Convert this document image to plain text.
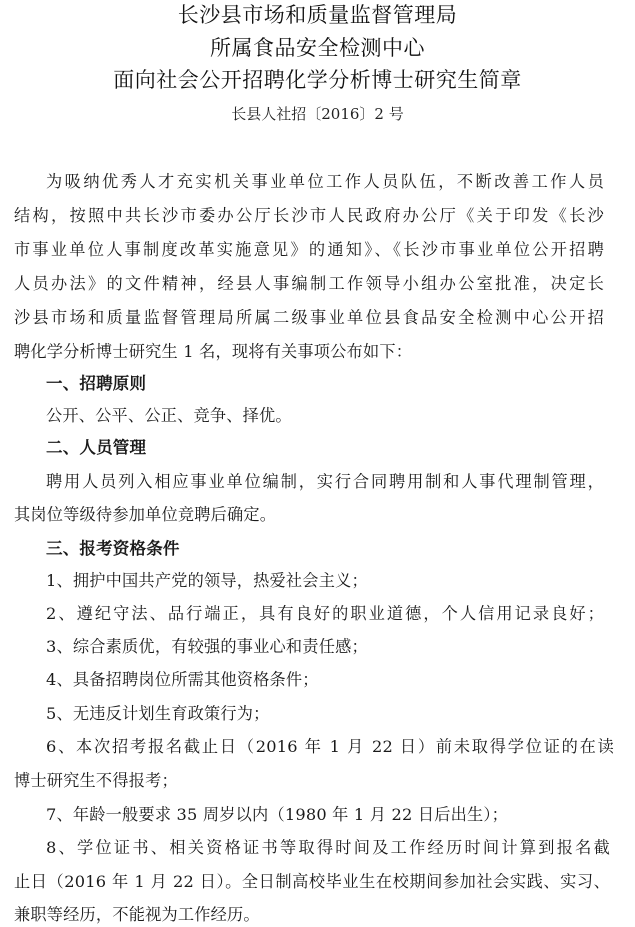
长沙县市场和质量监督管理局
所属食品安全检测中心
面向社会公开招聘化学分析博士研究生简章
长县人社招〔2016〕2 号
为吸纳优秀人才充实机关事业单位工作人员队伍，不断改善工作人员
结构，按照中共长沙市委办公厅长沙市人民政府办公厅《关于印发《长沙
市事业单位人事制度改革实施意见》的通知》、《长沙市事业单位公开招聘
人员办法》的文件精神，经县人事编制工作领导小组办公室批准，决定长
沙县市场和质量监督管理局所属二级事业单位县食品安全检测中心公开招
聘化学分析博士研究生 1 名，现将有关事项公布如下：
一、招聘原则
公开、公平、公正、竞争、择优。
二、人员管理
聘用人员列入相应事业单位编制，实行合同聘用制和人事代理制管理，
其岗位等级待参加单位竞聘后确定。
三、报考资格条件
1、拥护中国共产党的领导，热爱社会主义；
2、遵纪守法、品行端正，具有良好的职业道德，个人信用记录良好；
3、综合素质优，有较强的事业心和责任感；
4、具备招聘岗位所需其他资格条件；
5、无违反计划生育政策行为；
6、本次招考报名截止日（2016 年 1 月 22 日）前未取得学位证的在读
博士研究生不得报考；
7、年龄一般要求 35 周岁以内（1980 年 1 月 22 日后出生）；
8、学位证书、相关资格证书等取得时间及工作经历时间计算到报名截
止日（2016 年 1 月 22 日）。全日制高校毕业生在校期间参加社会实践、实习、
兼职等经历，不能视为工作经历。
